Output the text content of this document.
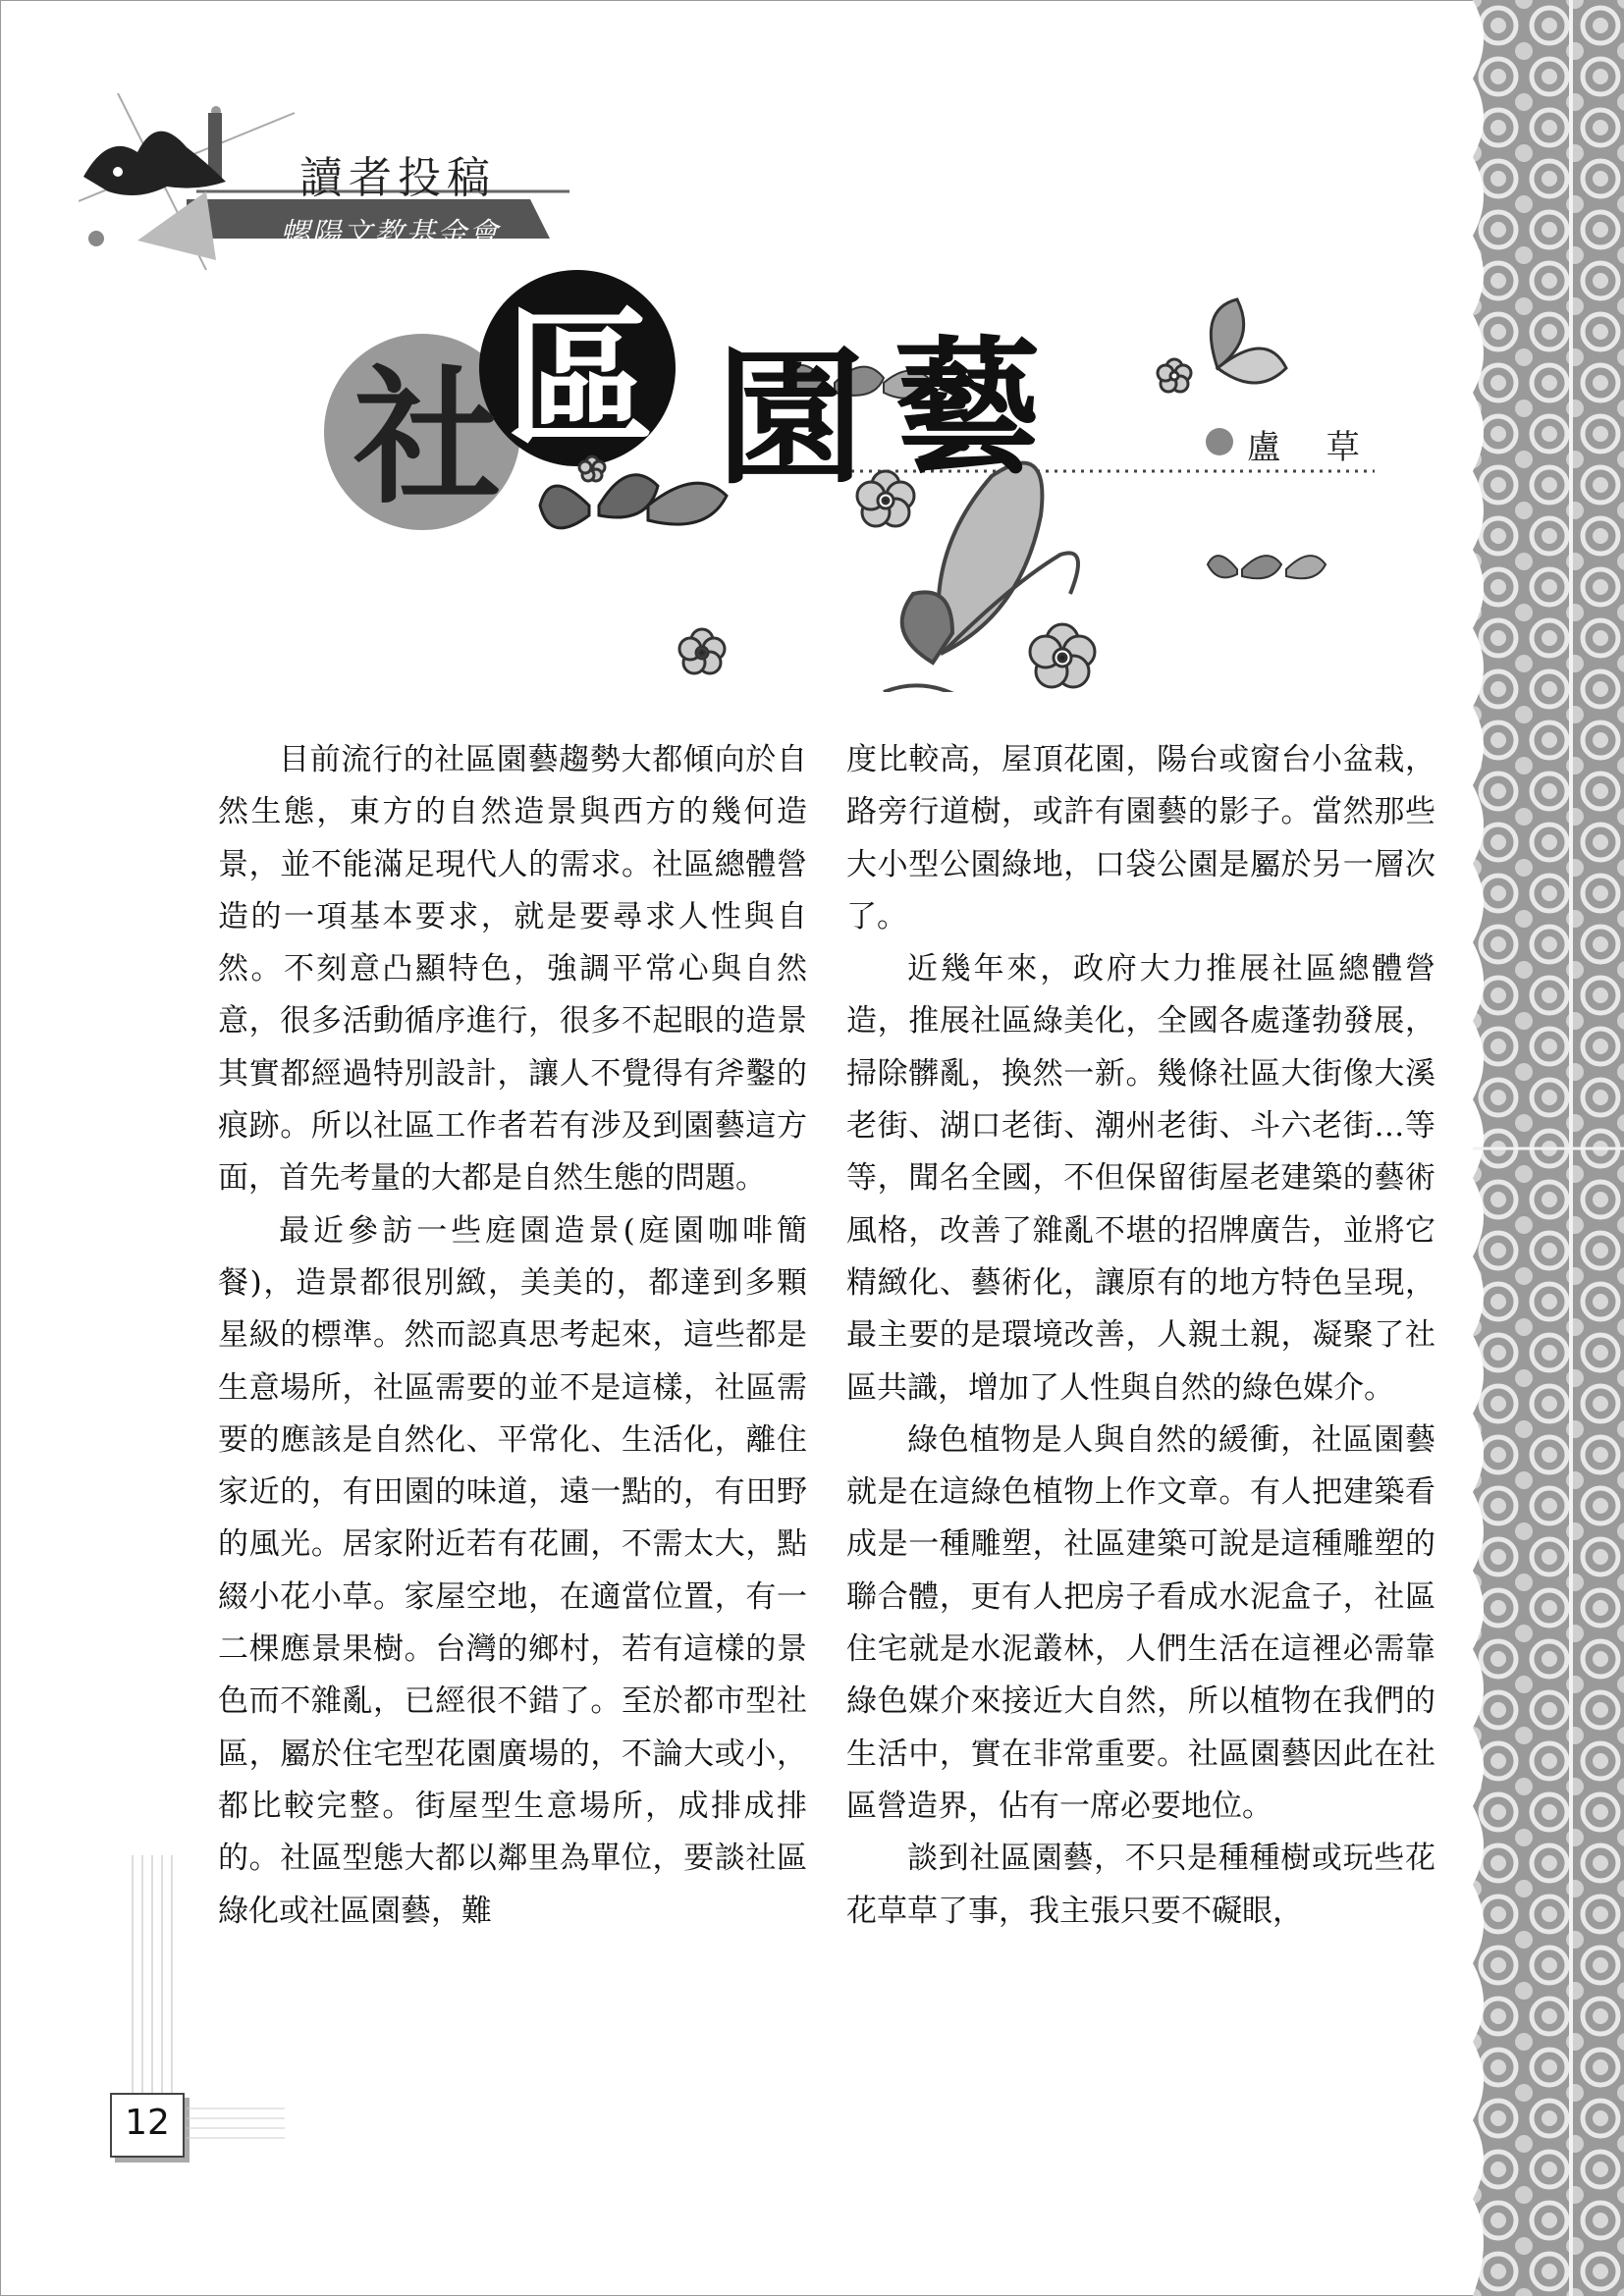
讀者投稿
螺陽文教基金會
社 區 園 藝	盧 草

目前流行的社區園藝趨勢大都傾向於自然生態，東方的自然造景與西方的幾何造景，並不能滿足現代人的需求。社區總體營造的一項基本要求，就是要尋求人性與自然。不刻意凸顯特色，強調平常心與自然意，很多活動循序進行，很多不起眼的造景其實都經過特別設計，讓人不覺得有斧鑿的痕跡。所以社區工作者若有涉及到園藝這方面，首先考量的大都是自然生態的問題。

最近參訪一些庭園造景(庭園咖啡簡餐)，造景都很別緻，美美的，都達到多顆星級的標準。然而認真思考起來，這些都是生意場所，社區需要的並不是這樣，社區需要的應該是自然化、平常化、生活化，離住家近的，有田園的味道，遠一點的，有田野的風光。居家附近若有花圃，不需太大，點綴小花小草。家屋空地，在適當位置，有一二棵應景果樹。台灣的鄉村，若有這樣的景色而不雜亂，已經很不錯了。至於都市型社區，屬於住宅型花園廣場的，不論大或小，都比較完整。街屋型生意場所，成排成排的。社區型態大都以鄰里為單位，要談社區綠化或社區園藝，難

度比較高，屋頂花園，陽台或窗台小盆栽，路旁行道樹，或許有園藝的影子。當然那些大小型公園綠地，口袋公園是屬於另一層次了。

近幾年來，政府大力推展社區總體營造，推展社區綠美化，全國各處蓬勃發展，掃除髒亂，換然一新。幾條社區大街像大溪老街、湖口老街、潮州老街、斗六老街…等等，聞名全國，不但保留街屋老建築的藝術風格，改善了雜亂不堪的招牌廣告，並將它精緻化、藝術化，讓原有的地方特色呈現，最主要的是環境改善，人親土親，凝聚了社區共識，增加了人性與自然的綠色媒介。

綠色植物是人與自然的緩衝，社區園藝就是在這綠色植物上作文章。有人把建築看成是一種雕塑，社區建築可說是這種雕塑的聯合體，更有人把房子看成水泥盒子，社區住宅就是水泥叢林，人們生活在這裡必需靠綠色媒介來接近大自然，所以植物在我們的生活中，實在非常重要。社區園藝因此在社區營造界，佔有一席必要地位。

談到社區園藝，不只是種種樹或玩些花花草草了事，我主張只要不礙眼，

12
